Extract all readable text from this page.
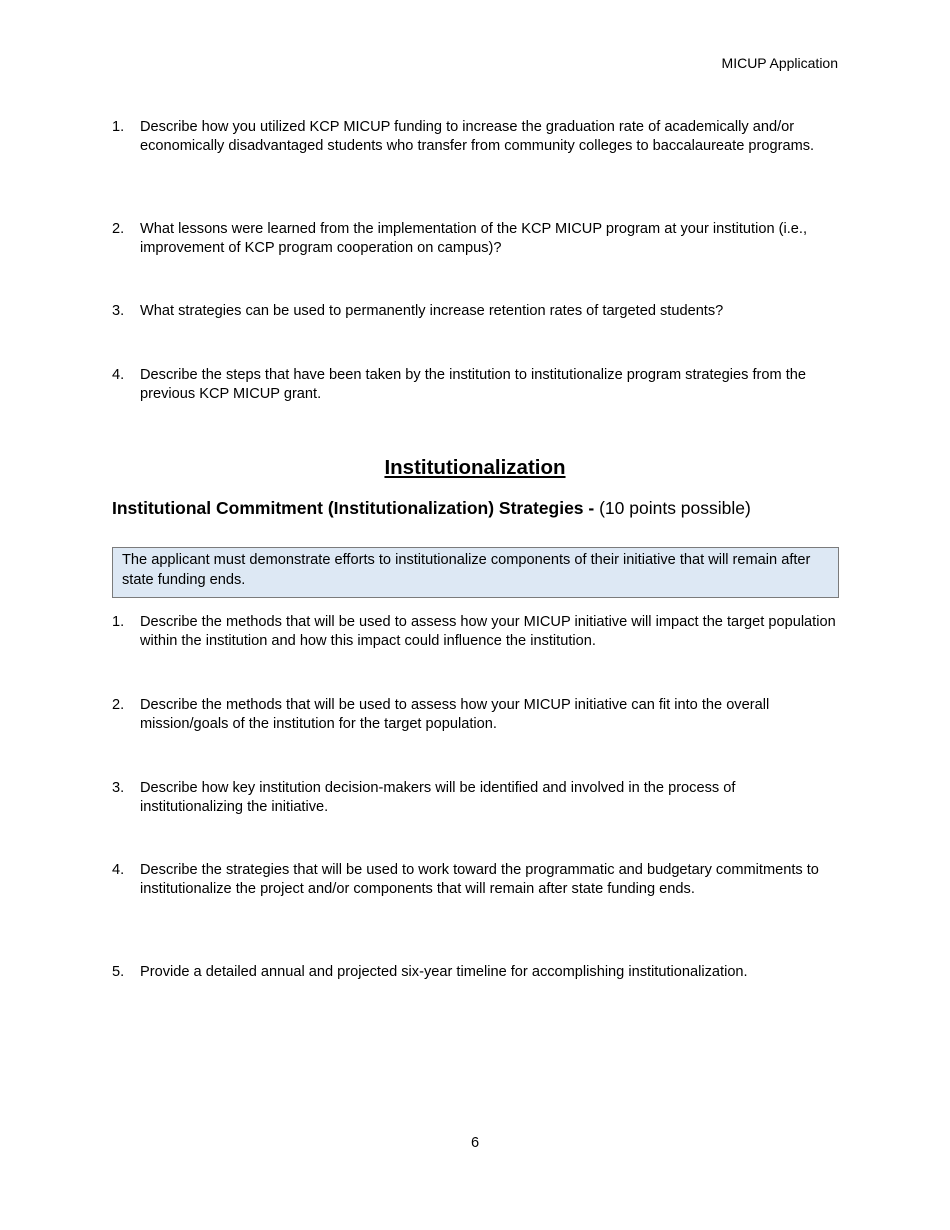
MICUP Application
1.	Describe how you utilized KCP MICUP funding to increase the graduation rate of academically and/or economically disadvantaged students who transfer from community colleges to baccalaureate programs.
2.	What lessons were learned from the implementation of the KCP MICUP program at your institution (i.e., improvement of KCP program cooperation on campus)?
3.	What strategies can be used to permanently increase retention rates of targeted students?
4.	Describe the steps that have been taken by the institution to institutionalize program strategies from the previous KCP MICUP grant.
Institutionalization
Institutional Commitment (Institutionalization) Strategies - (10 points possible)
The applicant must demonstrate efforts to institutionalize components of their initiative that will remain after state funding ends.
1.	Describe the methods that will be used to assess how your MICUP initiative will impact the target population within the institution and how this impact could influence the institution.
2.	Describe the methods that will be used to assess how your MICUP initiative can fit into the overall mission/goals of the institution for the target population.
3.	Describe how key institution decision-makers will be identified and involved in the process of institutionalizing the initiative.
4.	Describe the strategies that will be used to work toward the programmatic and budgetary commitments to institutionalize the project and/or components that will remain after state funding ends.
5.	Provide a detailed annual and projected six-year timeline for accomplishing institutionalization.
6
